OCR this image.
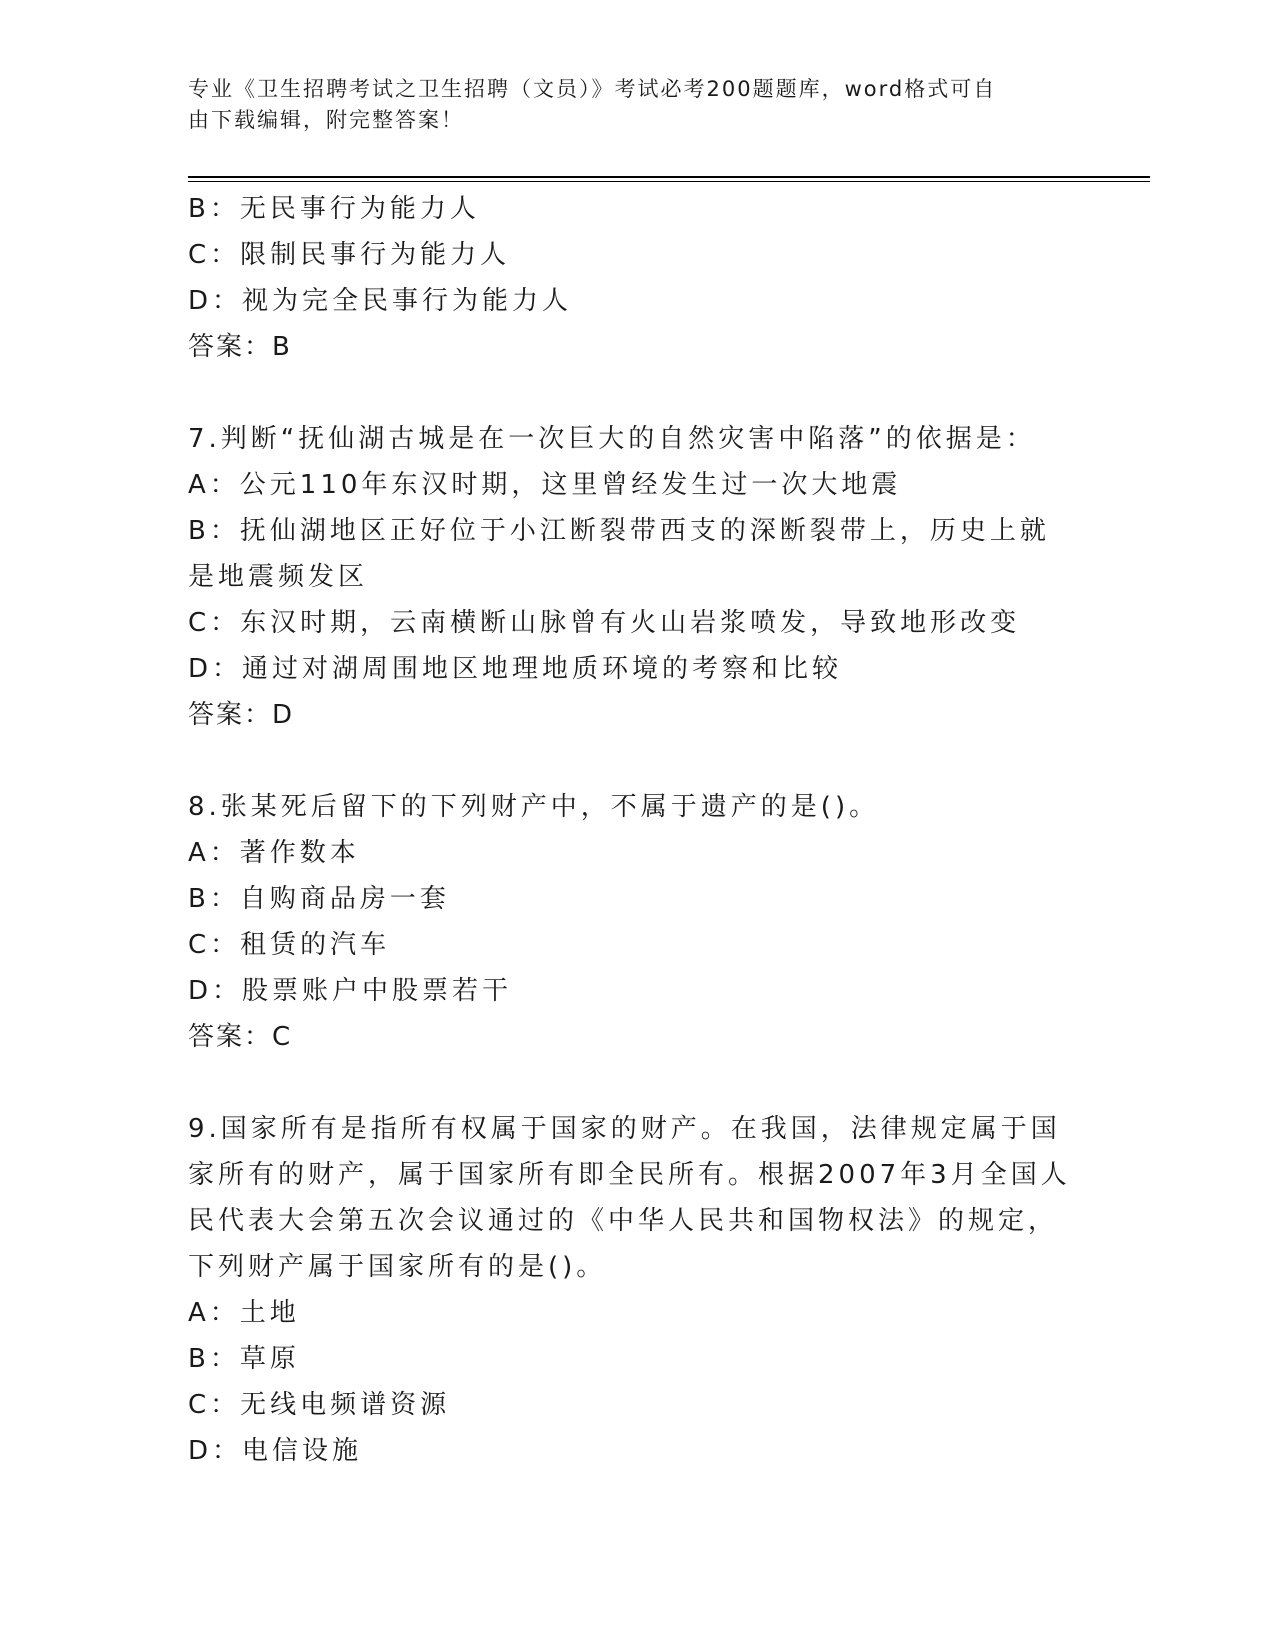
专业《卫生招聘考试之卫生招聘（文员）》考试必考200题题库，word格式可自
由下载编辑，附完整答案！
B：无民事行为能力人
C：限制民事行为能力人
D：视为完全民事行为能力人
答案：B
7.判断“抚仙湖古城是在一次巨大的自然灾害中陷落”的依据是：
A：公元110年东汉时期，这里曾经发生过一次大地震
B：抚仙湖地区正好位于小江断裂带西支的深断裂带上，历史上就是地震频发区
C：东汉时期，云南横断山脉曾有火山岩浆喷发，导致地形改变
D：通过对湖周围地区地理地质环境的考察和比较
答案：D
8.张某死后留下的下列财产中，不属于遗产的是()。
A：著作数本
B：自购商品房一套
C：租赁的汽车
D：股票账户中股票若干
答案：C
9.国家所有是指所有权属于国家的财产。在我国，法律规定属于国家所有的财产，属于国家所有即全民所有。根据2007年3月全国人民代表大会第五次会议通过的《中华人民共和国物权法》的规定，下列财产属于国家所有的是()。
A：土地
B：草原
C：无线电频谱资源
D：电信设施
